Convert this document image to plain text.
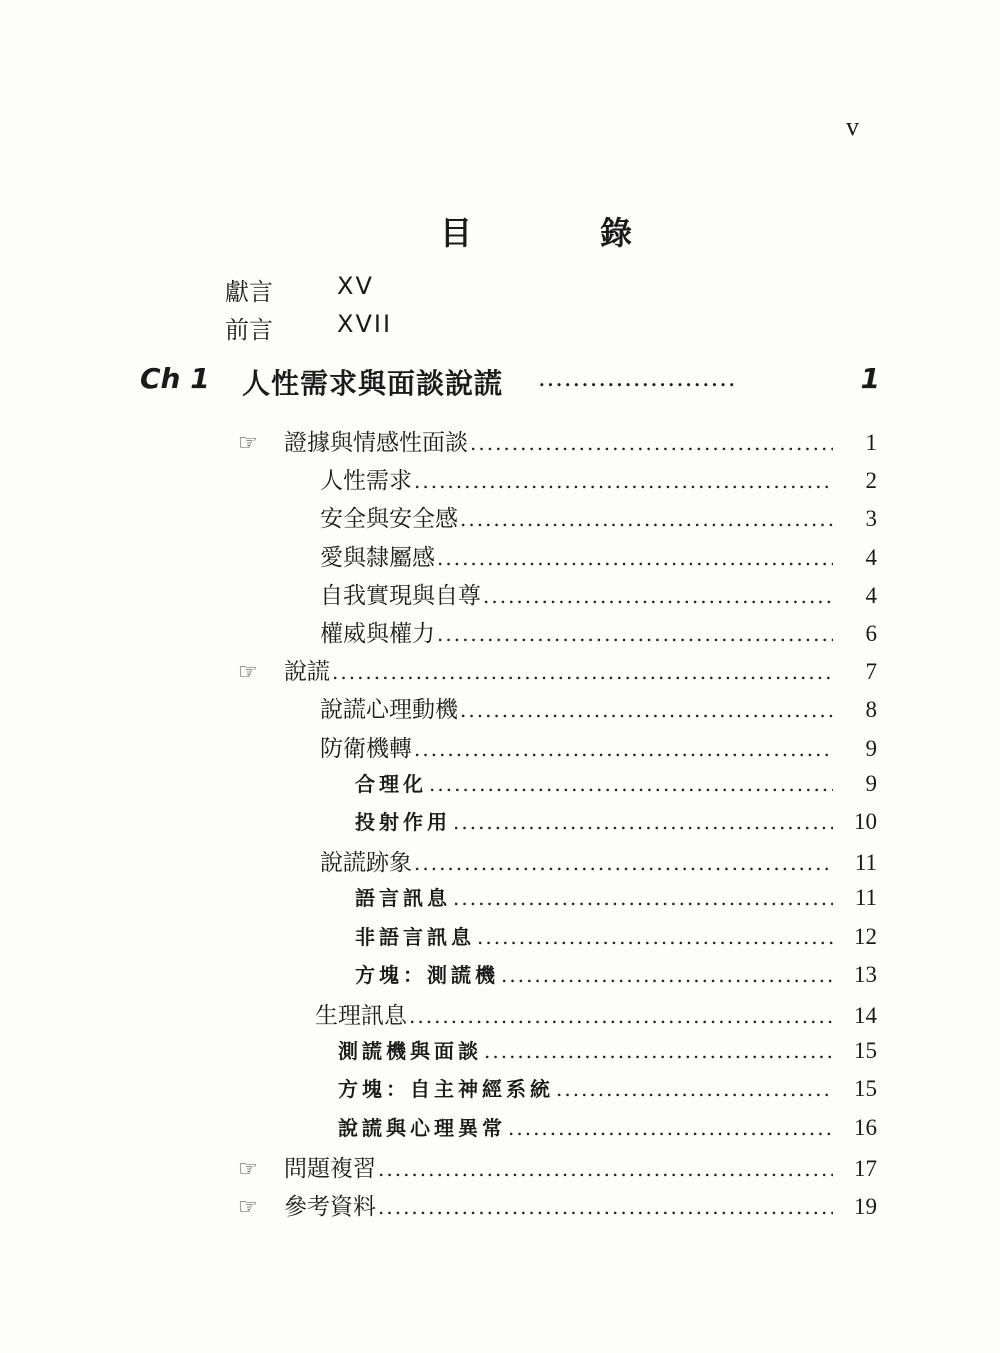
v
目　錄
獻言	XV
前言	XVII
Ch 1 人性需求與面談說謊 .......................	1
☞	證據與情感性面談 .....	1
人性需求 .....	2
安全與安全感 .....	3
愛與隸屬感 .....	4
自我實現與自尊 .....	4
權威與權力 .....	6
☞	說謊 .....	7
說謊心理動機 .....	8
防衛機轉 .....	9
合理化 .....	9
投射作用 .....	10
說謊跡象 .....	11
語言訊息 .....	11
非語言訊息 .....	12
方塊：測謊機 .....	13
生理訊息 .....	14
測謊機與面談 .....	15
方塊：自主神經系統 .....	15
說謊與心理異常 .....	16
☞	問題複習 .....	17
☞	參考資料 .....	19
